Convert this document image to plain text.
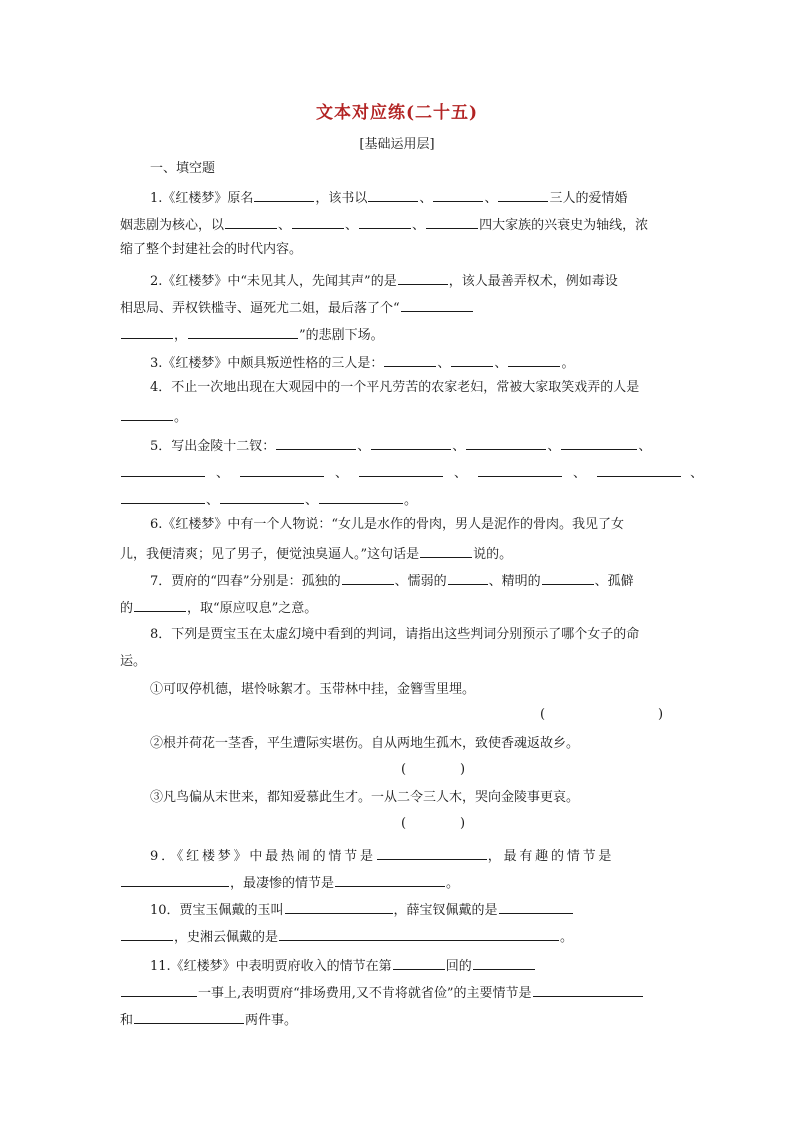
文本对应练(二十五)
[基础运用层]
一、填空题
1.《红楼梦》原名	，该书以	、	、	三人的爱情婚
姻悲剧为核心，以	、	、	、	四大家族的兴衰史为轴线，浓
缩了整个封建社会的时代内容。
2.《红楼梦》中“未见其人，先闻其声”的是	，该人最善弄权术，例如毒设
相思局、弄权铁槛寺、逼死尤二姐，最后落了个“
，	”的悲剧下场。
3.《红楼梦》中颇具叛逆性格的三人是：	、	、	。
4．不止一次地出现在大观园中的一个平凡劳苦的农家老妇，常被大家取笑戏弄的人是
。
5．写出金陵十二钗：	、	、	、	、
、	、	、	、	、
、	、	。
6.《红楼梦》中有一个人物说：“女儿是水作的骨肉，男人是泥作的骨肉。我见了女
儿，我便清爽；见了男子，便觉浊臭逼人。”这句话是	说的。
7．贾府的“四春”分别是：孤独的	、懦弱的	、精明的	、孤僻
的	，取“原应叹息”之意。
8．下列是贾宝玉在太虚幻境中看到的判词，请指出这些判词分别预示了哪个女子的命
运。
①可叹停机德，堪怜咏絮才。玉带林中挂，金簪雪里埋。
(	)
②根并荷花一茎香，平生遭际实堪伤。自从两地生孤木，致使香魂返故乡。
(	)
③凡鸟偏从末世来，都知爱慕此生才。一从二令三人木，哭向金陵事更哀。
(	)
9．《红楼梦》中最热闹的情节是	，最有趣的情节是
，最凄惨的情节是	。
10．贾宝玉佩戴的玉叫	，薛宝钗佩戴的是
，史湘云佩戴的是	。
11.《红楼梦》中表明贾府收入的情节在第	回的
一事上,表明贾府“排场费用,又不肯将就省俭”的主要情节是
和	两件事。
